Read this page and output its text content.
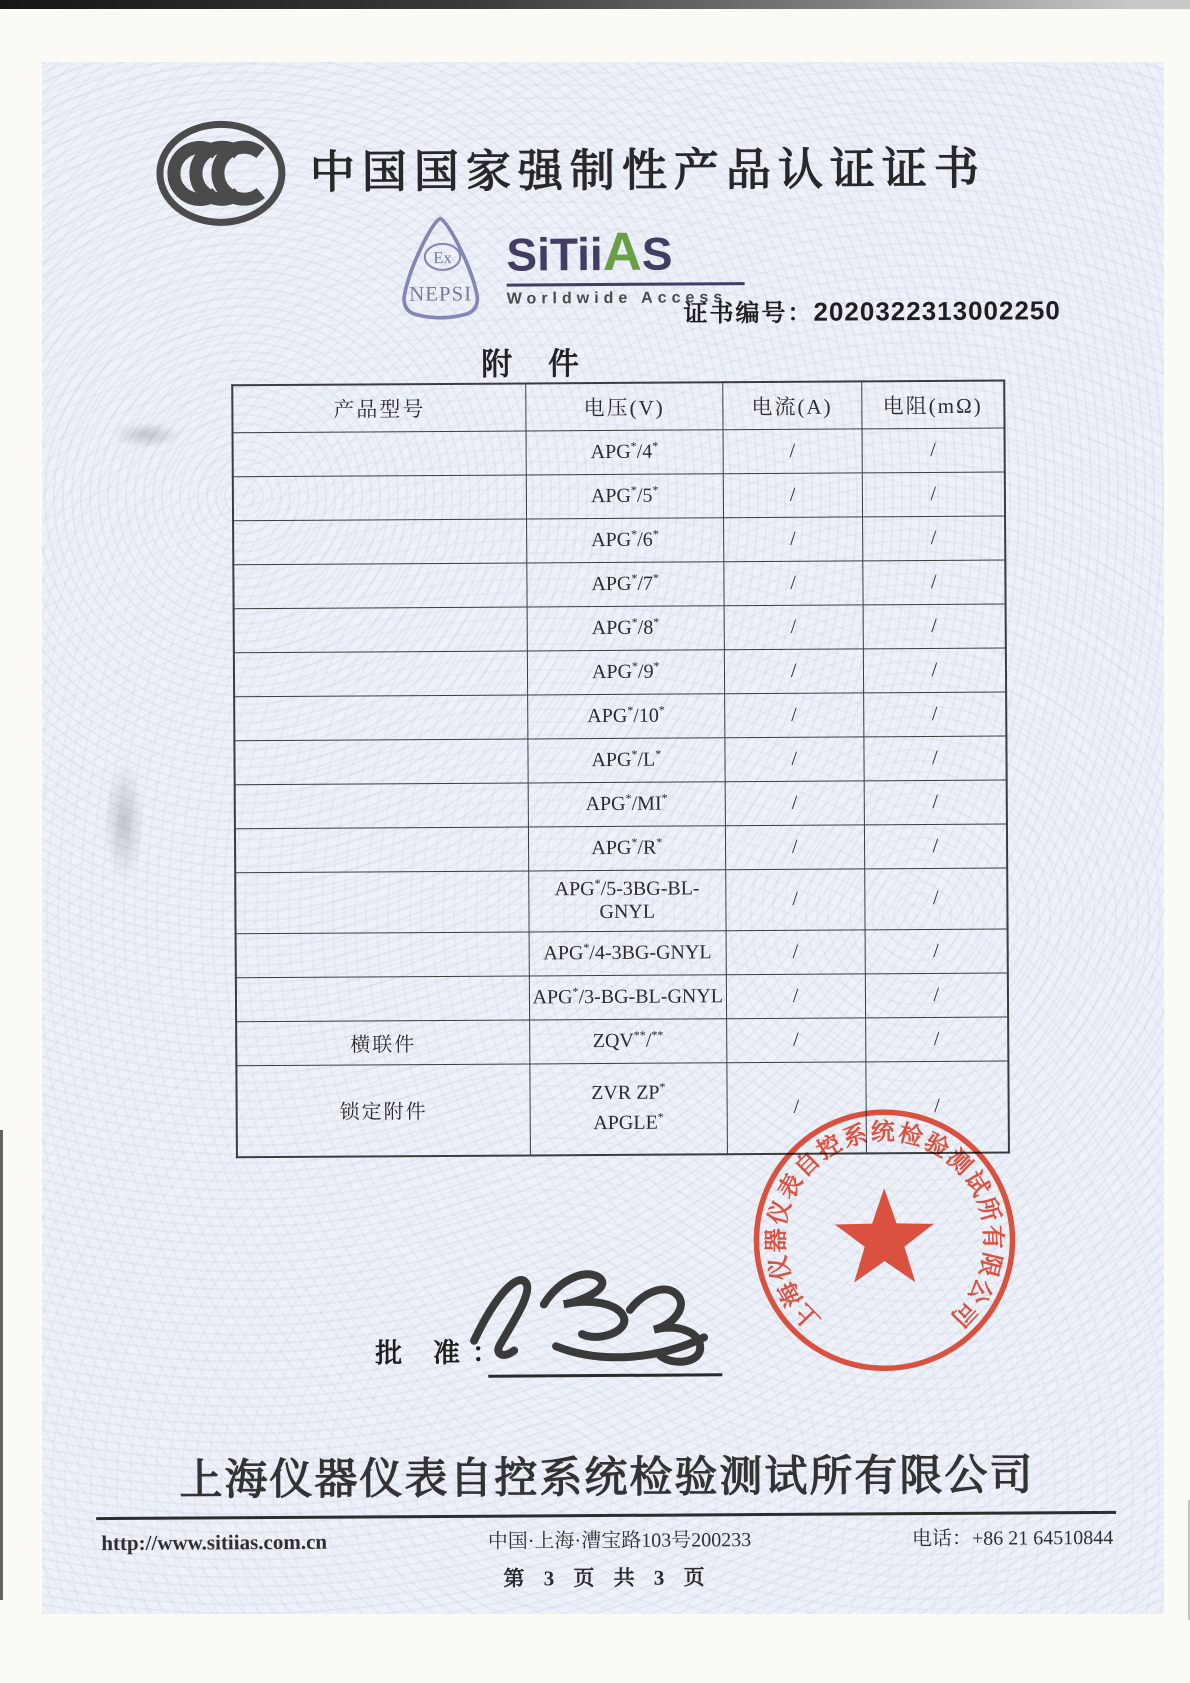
中国国家强制性产品认证证书
Ex
NEPSI
SiTiiAS
Worldwide Access
证书编号：2020322313002250
附 件
产品型号	电压(V)	电流(A)	电阻(mΩ)

	APG*/4*	/	/

	APG*/5*	/	/

	APG*/6*	/	/

	APG*/7*	/	/

	APG*/8*	/	/

	APG*/9*	/	/

	APG*/10*	/	/

	APG*/L*	/	/

	APG*/MI*	/	/

	APG*/R*	/	/

	APG*/5-3BG-BL-GNYL	/	/

	APG*/4-3BG-GNYL	/	/

	APG*/3-BG-BL-GNYL	/	/
横联件	ZQV**/**	/	/
锁定附件	ZVR ZP*
APGLE*	/	/
批 准：
上海仪器仪表自控系统检验测试所有限公司
上海仪器仪表自控系统检验测试所有限公司
http://www.sitiias.com.cn	中国·上海·漕宝路103号200233	电话：+86 21 64510844
第 3 页 共 3 页
